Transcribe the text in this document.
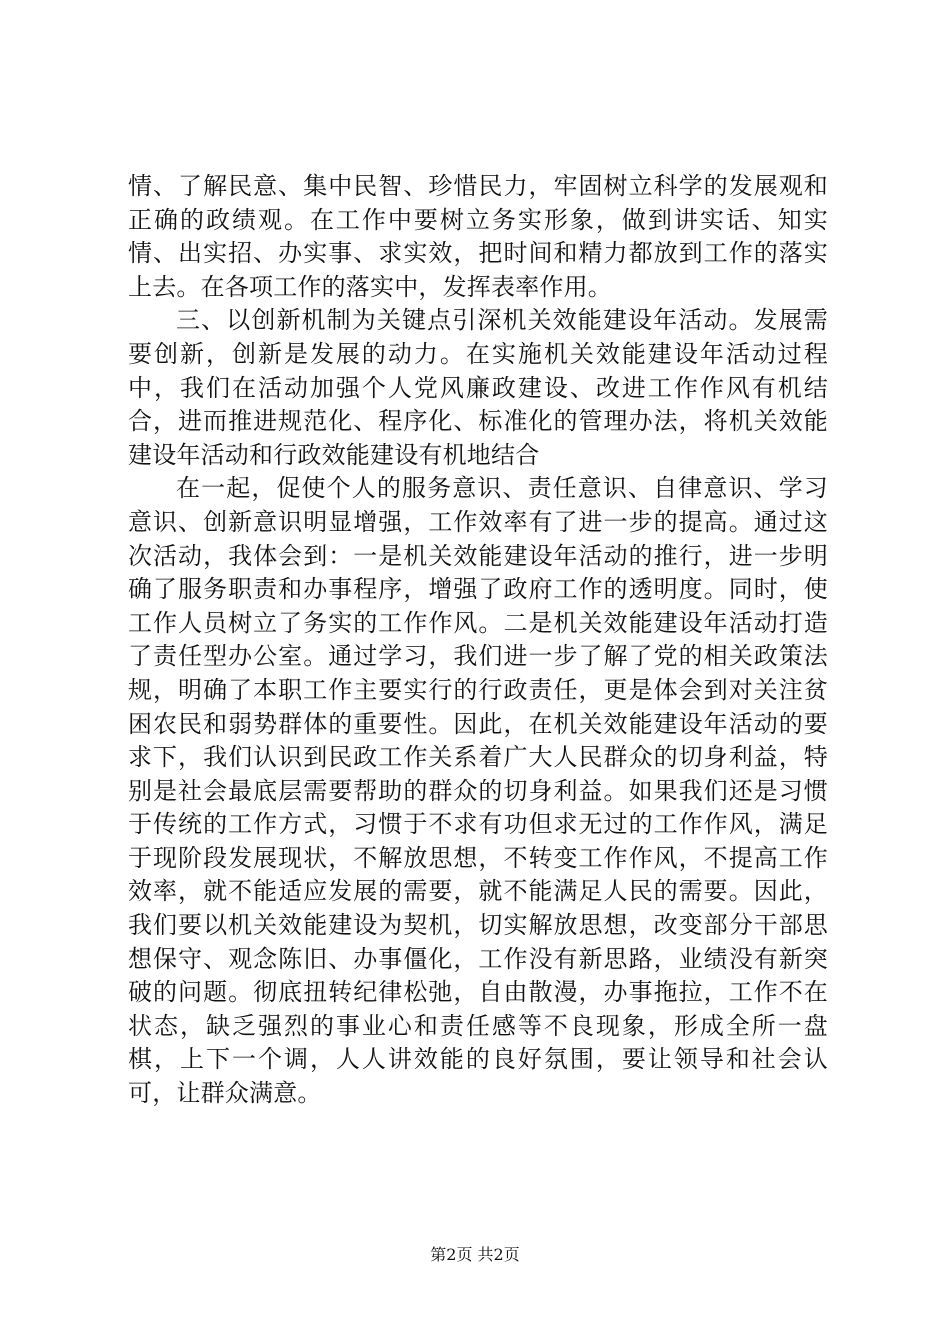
情、了解民意、集中民智、珍惜民力，牢固树立科学的发展观和正确的政绩观。在工作中要树立务实形象，做到讲实话、知实情、出实招、办实事、求实效，把时间和精力都放到工作的落实上去。在各项工作的落实中，发挥表率作用。

三、以创新机制为关键点引深机关效能建设年活动。发展需要创新，创新是发展的动力。在实施机关效能建设年活动过程中，我们在活动加强个人党风廉政建设、改进工作作风有机结合，进而推进规范化、程序化、标准化的管理办法，将机关效能建设年活动和行政效能建设有机地结合

在一起，促使个人的服务意识、责任意识、自律意识、学习意识、创新意识明显增强，工作效率有了进一步的提高。通过这次活动，我体会到：一是机关效能建设年活动的推行，进一步明确了服务职责和办事程序，增强了政府工作的透明度。同时，使工作人员树立了务实的工作作风。二是机关效能建设年活动打造了责任型办公室。通过学习，我们进一步了解了党的相关政策法规，明确了本职工作主要实行的行政责任，更是体会到对关注贫困农民和弱势群体的重要性。因此，在机关效能建设年活动的要求下，我们认识到民政工作关系着广大人民群众的切身利益，特别是社会最底层需要帮助的群众的切身利益。如果我们还是习惯于传统的工作方式，习惯于不求有功但求无过的工作作风，满足于现阶段发展现状，不解放思想，不转变工作作风，不提高工作效率，就不能适应发展的需要，就不能满足人民的需要。因此，我们要以机关效能建设为契机，切实解放思想，改变部分干部思想保守、观念陈旧、办事僵化，工作没有新思路，业绩没有新突破的问题。彻底扭转纪律松弛，自由散漫，办事拖拉，工作不在状态，缺乏强烈的事业心和责任感等不良现象，形成全所一盘棋，上下一个调，人人讲效能的良好氛围，要让领导和社会认可，让群众满意。

第2页 共2页
